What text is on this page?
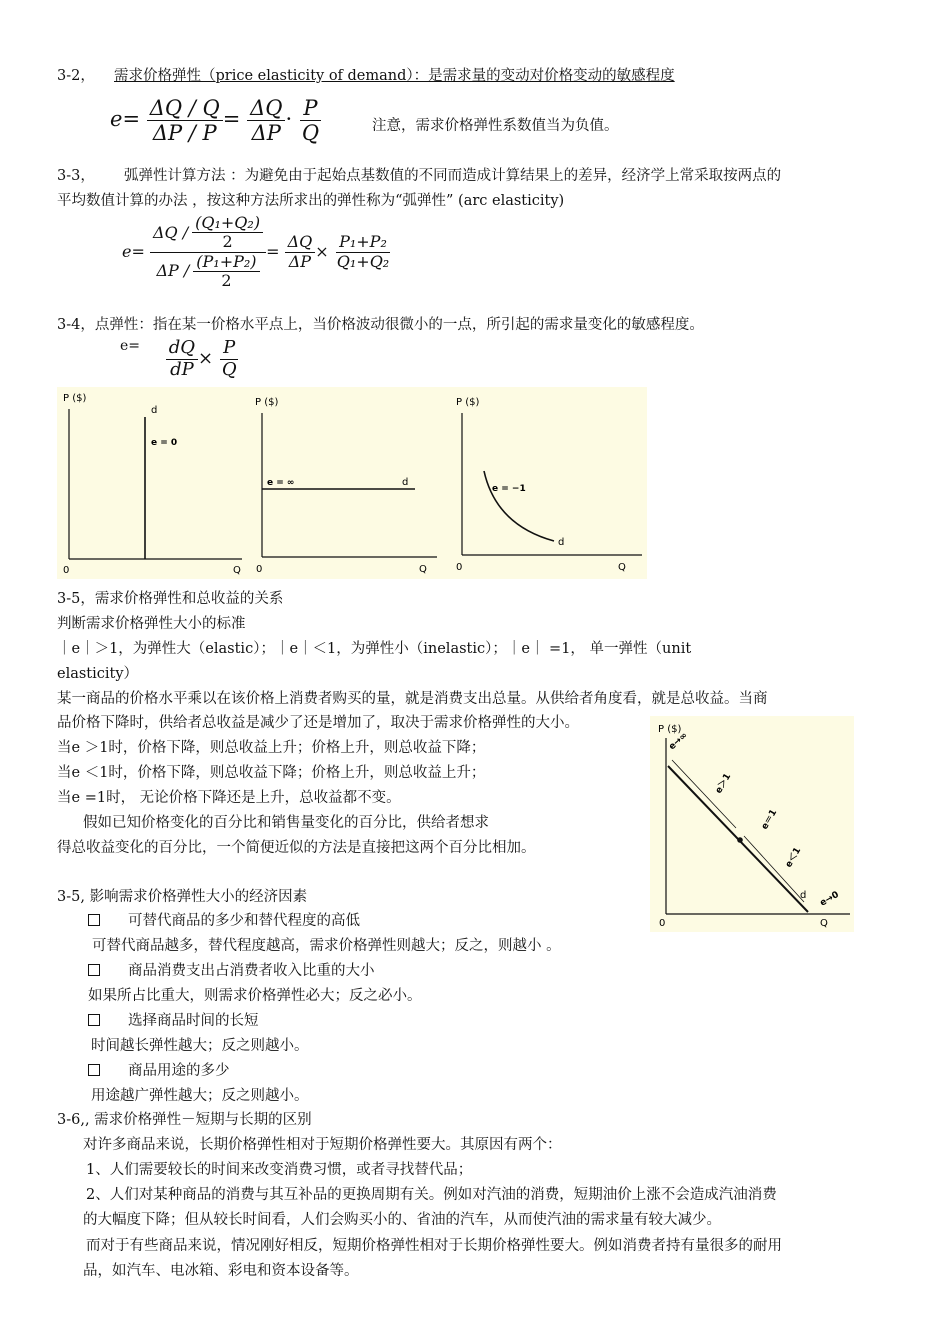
3-2， 需求价格弹性（price elasticity of demand）：是需求量的变动对价格变动的敏感程度
$e= \frac{\Delta Q / Q}{\Delta P / P} = \frac{\Delta Q}{\Delta P} \cdot \frac{P}{Q}$	注意，需求价格弹性系数值当为负值。
3-3， 弧弹性计算方法 ：为避免由于起始点基数值的不同而造成计算结果上的差异，经济学上常采取按两点的
平均数值计算的办法 ，按这种方法所求出的弹性称为“弧弹性” (arc elasticity)
$e= \frac{\Delta Q / \frac{\text{(Q₁+Q₂)}}{2}}{\Delta P / \frac{\text{(P₁+P₂)}}{2}} = \frac{\Delta Q}{\Delta P} \times \frac{\text{P₁+P₂}}{\text{Q₁+Q₂}}$
3-4，点弹性：指在某一价格水平点上，当价格波动很微小的一点，所引起的需求量变化的敏感程度。
$^{e=} \frac{dQ}{dP} \times \frac{P}{Q}$
P ($)
0	Q
d
e = 0
P ($)
0	Q
d
e = ∞
P ($)
0	Q
d
e = −1
3-5，需求价格弹性和总收益的关系
判断需求价格弹性大小的标准
｜e｜＞1，为弹性大（elastic）；｜e｜＜1，为弹性小（inelastic）；｜e｜ =1， 单一弹性（unit
elasticity）
某一商品的价格水平乘以在该价格上消费者购买的量，就是消费支出总量。从供给者角度看，就是总收益。当商
品价格下降时，供给者总收益是减少了还是增加了，取决于需求价格弹性的大小。
当e ＞1时，价格下降，则总收益上升；价格上升，则总收益下降；
当e ＜1时，价格下降，则总收益下降；价格上升，则总收益上升；
当e =1时， 无论价格下降还是上升，总收益都不变。
假如已知价格变化的百分比和销售量变化的百分比，供给者想求
得总收益变化的百分比，一个简便近似的方法是直接把这两个百分比相加。
P ($)
0	Q
d
e→∞
e＞1
e＝1
e＜1
e→0
3-5, 影响需求价格弹性大小的经济因素
可替代商品的多少和替代程度的高低
可替代商品越多，替代程度越高，需求价格弹性则越大；反之，则越小 。
商品消费支出占消费者收入比重的大小
如果所占比重大，则需求价格弹性必大；反之必小。
选择商品时间的长短
时间越长弹性越大；反之则越小。
商品用途的多少
用途越广弹性越大；反之则越小。
3-6,, 需求价格弹性－短期与长期的区别
对许多商品来说，长期价格弹性相对于短期价格弹性要大。其原因有两个：
1、人们需要较长的时间来改变消费习惯，或者寻找替代品；
2、人们对某种商品的消费与其互补品的更换周期有关。例如对汽油的消费，短期油价上涨不会造成汽油消费
的大幅度下降；但从较长时间看，人们会购买小的、省油的汽车，从而使汽油的需求量有较大减少。
而对于有些商品来说，情况刚好相反，短期价格弹性相对于长期价格弹性要大。例如消费者持有量很多的耐用
品，如汽车、电冰箱、彩电和资本设备等。
